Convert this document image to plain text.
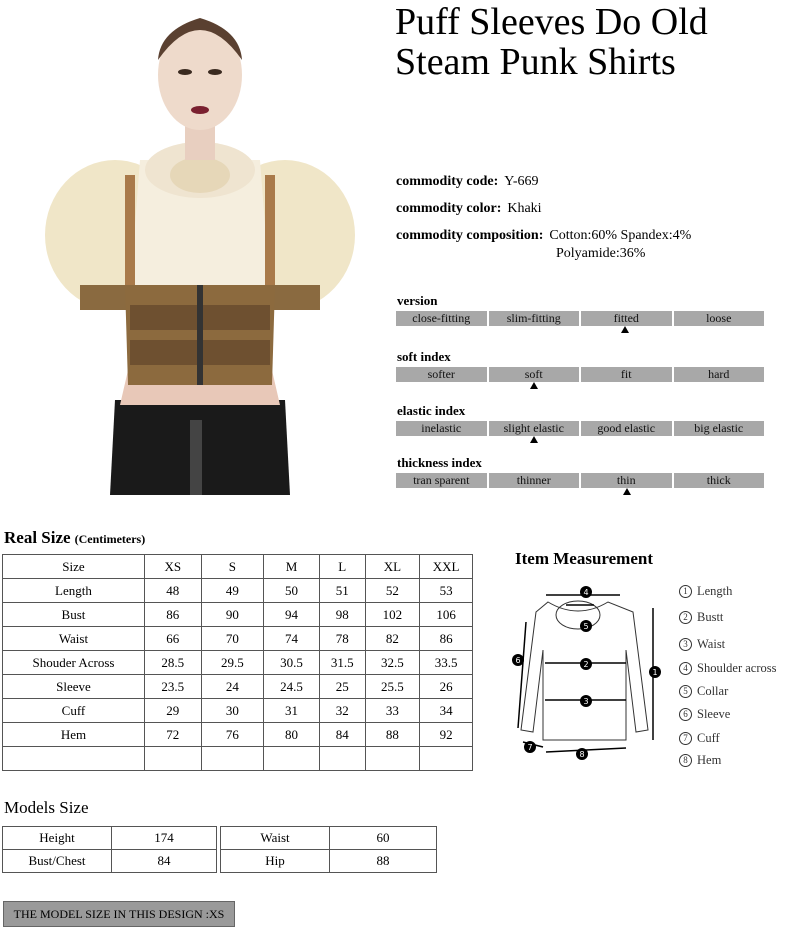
Puff Sleeves Do Old Steam Punk Shirts
commodity code: Y-669
commodity color: Khaki
commodity composition: Cotton:60% Spandex:4%
Polyamide:36%
version
close-fitting	slim-fitting	fitted	loose
soft index
softer	soft	fit	hard
elastic index
inelastic	slight elastic	good elastic	big elastic
thickness index
tran sparent	thinner	thin	thick
Real Size (Centimeters)
Size	XS	S	M	L	XL	XXL
Length	48	49	50	51	52	53
Bust	86	90	94	98	102	106
Waist	66	70	74	78	82	86
Shouder Across	28.5	29.5	30.5	31.5	32.5	33.5
Sleeve	23.5	24	24.5	25	25.5	26
Cuff	29	30	31	32	33	34
Hem	72	76	80	84	88	92

Item Measurement
4
5
2
3
1
6
7
8
1 Length
2 Bustt
3 Waist
4 Shoulder across
5 Collar
6 Sleeve
7 Cuff
8 Hem
Models Size
Height	174
Bust/Chest	84
Waist	60
Hip	88
THE MODEL SIZE IN THIS DESIGN :XS
